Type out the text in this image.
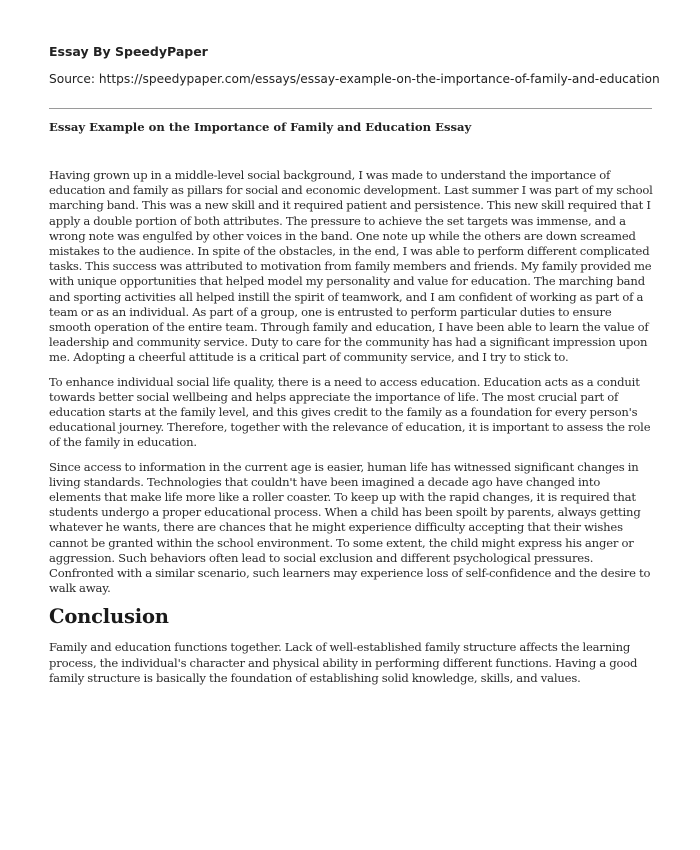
Essay By SpeedyPaper

Source: https://speedypaper.com/essays/essay-example-on-the-importance-of-family-and-education

Essay Example on the Importance of Family and Education Essay

Having grown up in a middle-level social background, I was made to understand the importance of education and family as pillars for social and economic development. Last summer I was part of my school marching band. This was a new skill and it required patient and persistence. This new skill required that I apply a double portion of both attributes. The pressure to achieve the set targets was immense, and a wrong note was engulfed by other voices in the band. One note up while the others are down screamed mistakes to the audience. In spite of the obstacles, in the end, I was able to perform different complicated tasks. This success was attributed to motivation from family members and friends. My family provided me with unique opportunities that helped model my personality and value for education. The marching band and sporting activities all helped instill the spirit of teamwork, and I am confident of working as part of a team or as an individual. As part of a group, one is entrusted to perform particular duties to ensure smooth operation of the entire team. Through family and education, I have been able to learn the value of leadership and community service. Duty to care for the community has had a significant impression upon me. Adopting a cheerful attitude is a critical part of community service, and I try to stick to.

To enhance individual social life quality, there is a need to access education. Education acts as a conduit towards better social wellbeing and helps appreciate the importance of life. The most crucial part of education starts at the family level, and this gives credit to the family as a foundation for every person's educational journey. Therefore, together with the relevance of education, it is important to assess the role of the family in education.

Since access to information in the current age is easier, human life has witnessed significant changes in living standards. Technologies that couldn't have been imagined a decade ago have changed into elements that make life more like a roller coaster. To keep up with the rapid changes, it is required that students undergo a proper educational process. When a child has been spoilt by parents, always getting whatever he wants, there are chances that he might experience difficulty accepting that their wishes cannot be granted within the school environment. To some extent, the child might express his anger or aggression. Such behaviors often lead to social exclusion and different psychological pressures. Confronted with a similar scenario, such learners may experience loss of self-confidence and the desire to walk away.

Conclusion

Family and education functions together. Lack of well-established family structure affects the learning process, the individual's character and physical ability in performing different functions. Having a good family structure is basically the foundation of establishing solid knowledge, skills, and values.
